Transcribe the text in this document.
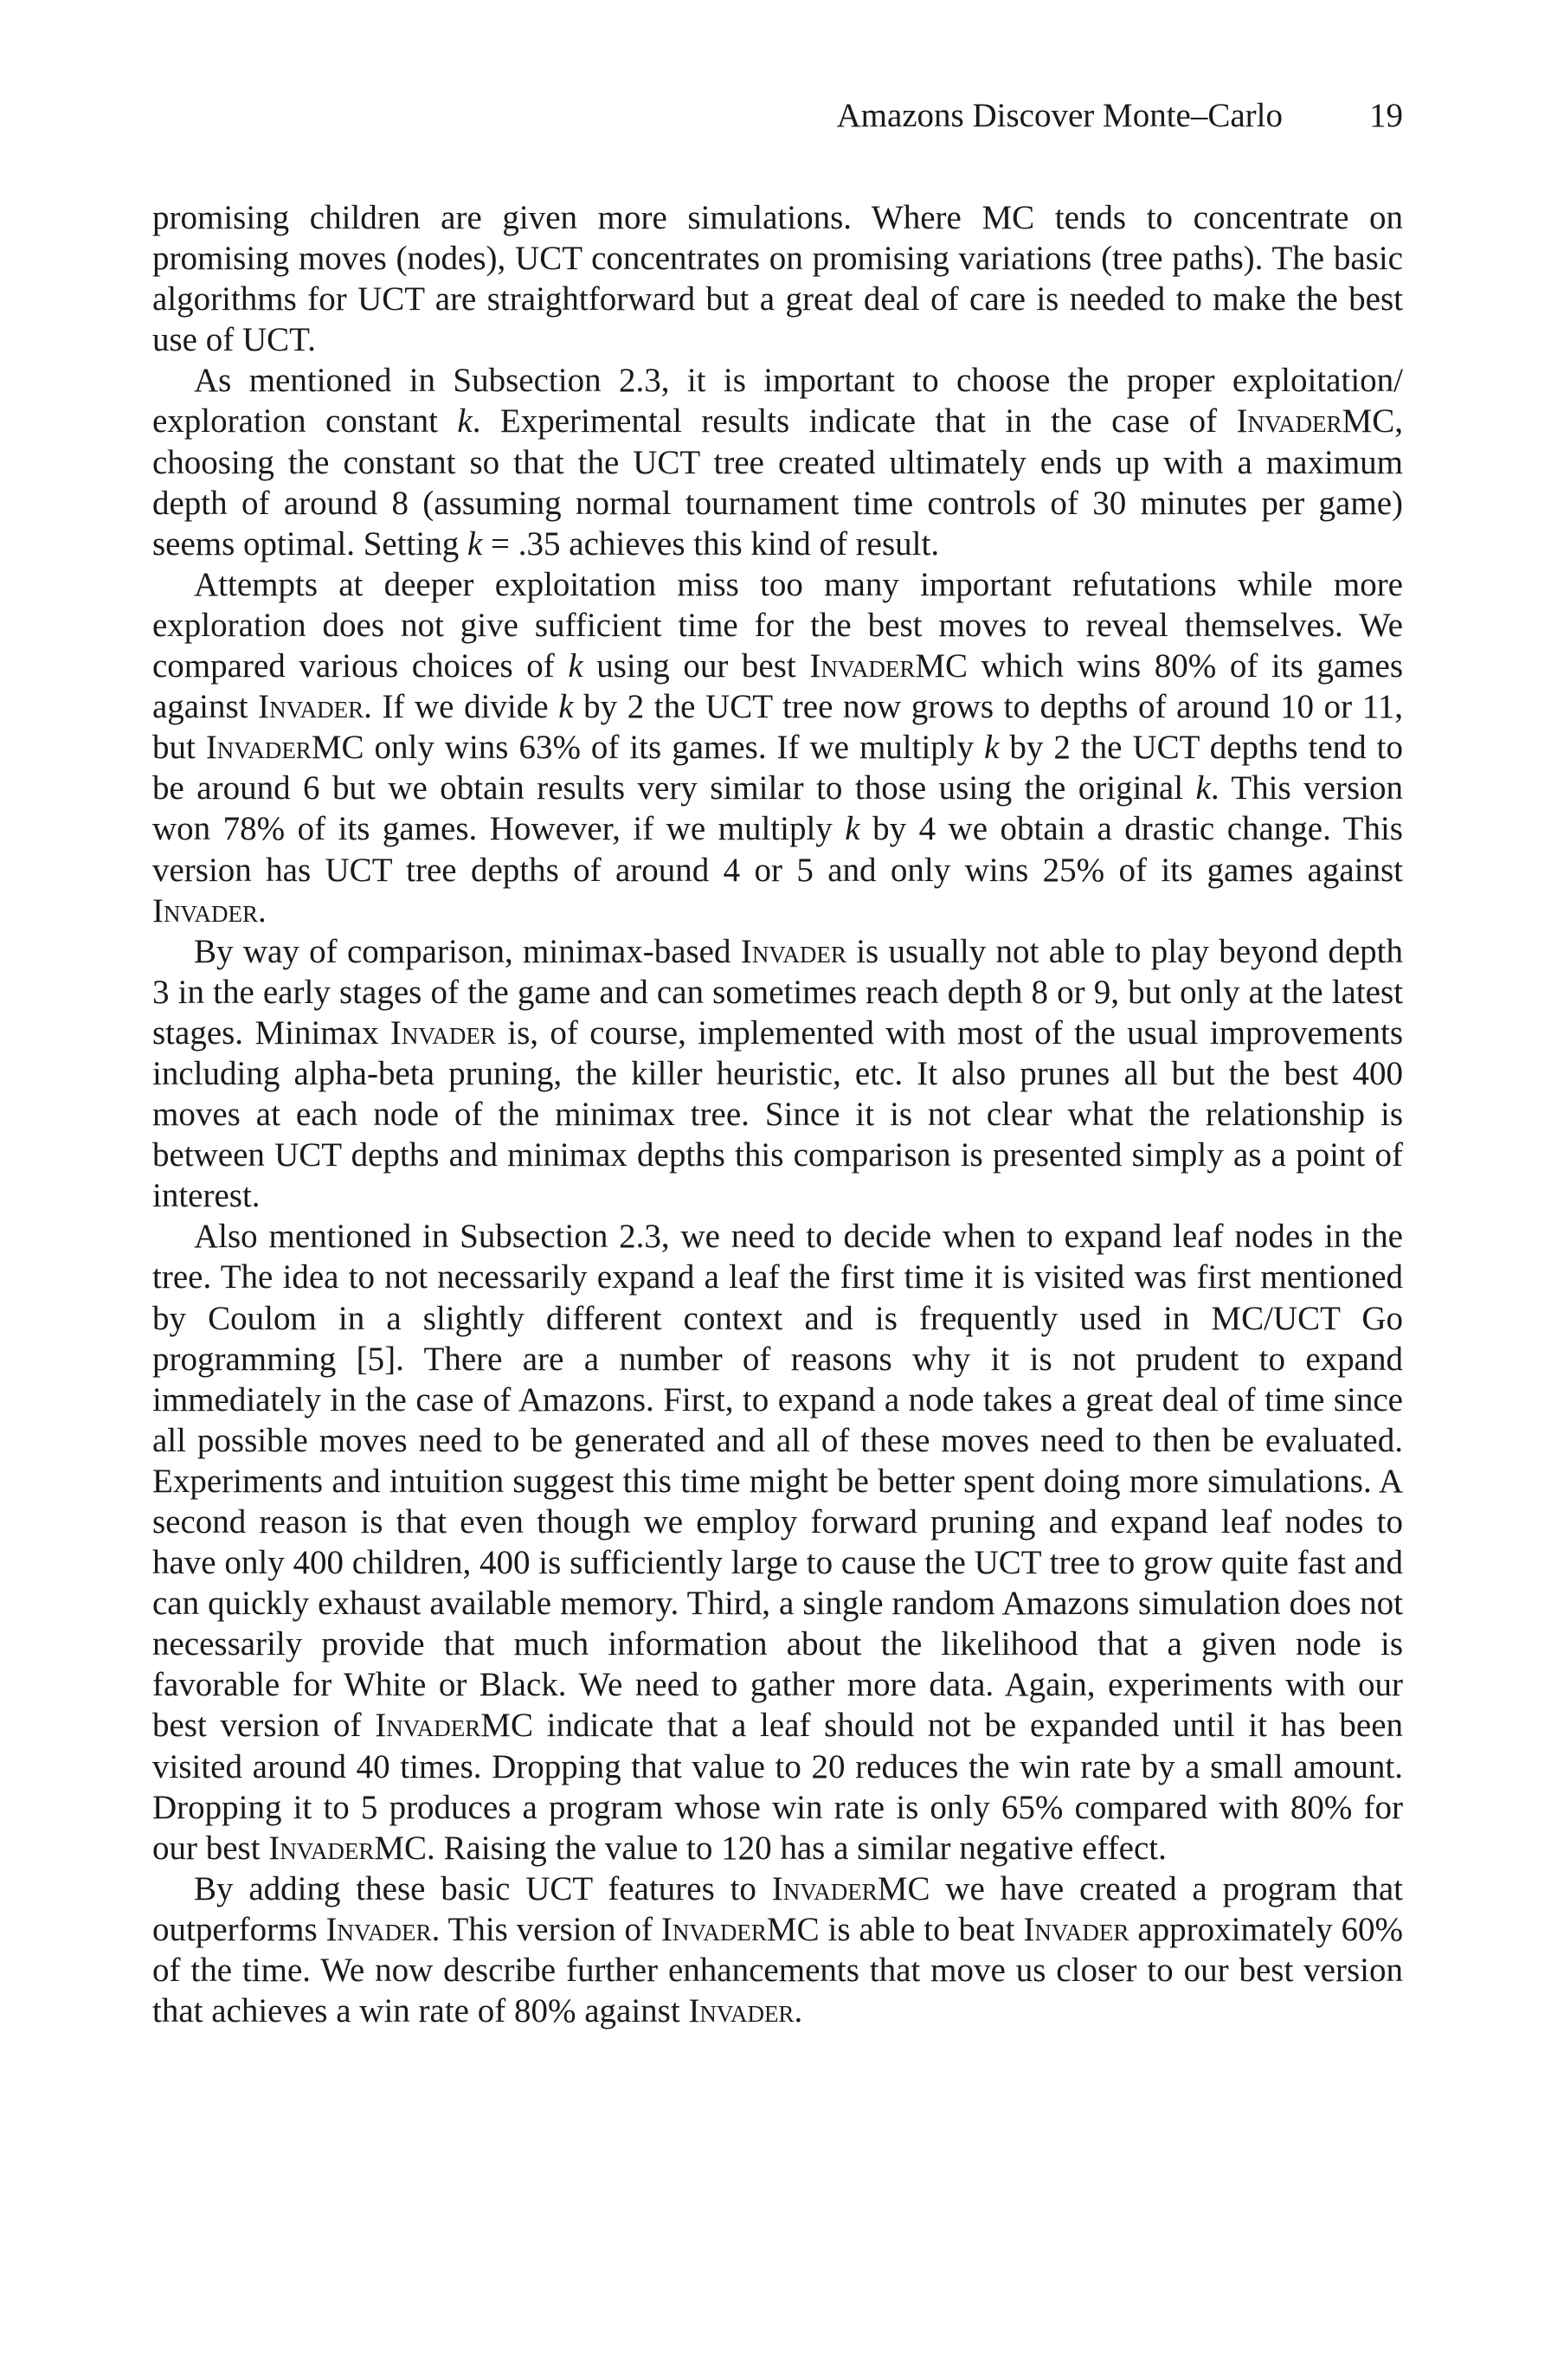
Amazons Discover Monte–Carlo	19

promising children are given more simulations. Where MC tends to concentrate on promising moves (nodes), UCT concentrates on promising variations (tree paths). The basic algorithms for UCT are straightforward but a great deal of care is needed to make the best use of UCT.

As mentioned in Subsection 2.3, it is important to choose the proper exploitation/ exploration constant k. Experimental results indicate that in the case of InvaderMC, choosing the constant so that the UCT tree created ultimately ends up with a maximum depth of around 8 (assuming normal tournament time controls of 30 minutes per game) seems optimal. Setting k = .35 achieves this kind of result.

Attempts at deeper exploitation miss too many important refutations while more exploration does not give sufficient time for the best moves to reveal themselves. We compared various choices of k using our best InvaderMC which wins 80% of its games against Invader. If we divide k by 2 the UCT tree now grows to depths of around 10 or 11, but InvaderMC only wins 63% of its games. If we multiply k by 2 the UCT depths tend to be around 6 but we obtain results very similar to those using the original k. This version won 78% of its games. However, if we multiply k by 4 we obtain a drastic change. This version has UCT tree depths of around 4 or 5 and only wins 25% of its games against Invader.

By way of comparison, minimax-based Invader is usually not able to play beyond depth 3 in the early stages of the game and can sometimes reach depth 8 or 9, but only at the latest stages. Minimax Invader is, of course, implemented with most of the usual improvements including alpha-beta pruning, the killer heuristic, etc. It also prunes all but the best 400 moves at each node of the minimax tree. Since it is not clear what the relationship is between UCT depths and minimax depths this comparison is presented simply as a point of interest.

Also mentioned in Subsection 2.3, we need to decide when to expand leaf nodes in the tree. The idea to not necessarily expand a leaf the first time it is visited was first mentioned by Coulom in a slightly different context and is frequently used in MC/UCT Go programming [5]. There are a number of reasons why it is not prudent to expand immediately in the case of Amazons. First, to expand a node takes a great deal of time since all possible moves need to be generated and all of these moves need to then be evaluated. Experiments and intuition suggest this time might be better spent doing more simulations. A second reason is that even though we employ forward pruning and expand leaf nodes to have only 400 children, 400 is sufficiently large to cause the UCT tree to grow quite fast and can quickly exhaust available memory. Third, a single random Amazons simulation does not necessarily provide that much information about the likelihood that a given node is favorable for White or Black. We need to gather more data. Again, experiments with our best version of InvaderMC indicate that a leaf should not be expanded until it has been visited around 40 times. Dropping that value to 20 reduces the win rate by a small amount. Dropping it to 5 produces a program whose win rate is only 65% compared with 80% for our best InvaderMC. Raising the value to 120 has a similar negative effect.

By adding these basic UCT features to InvaderMC we have created a program that outperforms Invader. This version of InvaderMC is able to beat Invader approximately 60% of the time. We now describe further enhancements that move us closer to our best version that achieves a win rate of 80% against Invader.
